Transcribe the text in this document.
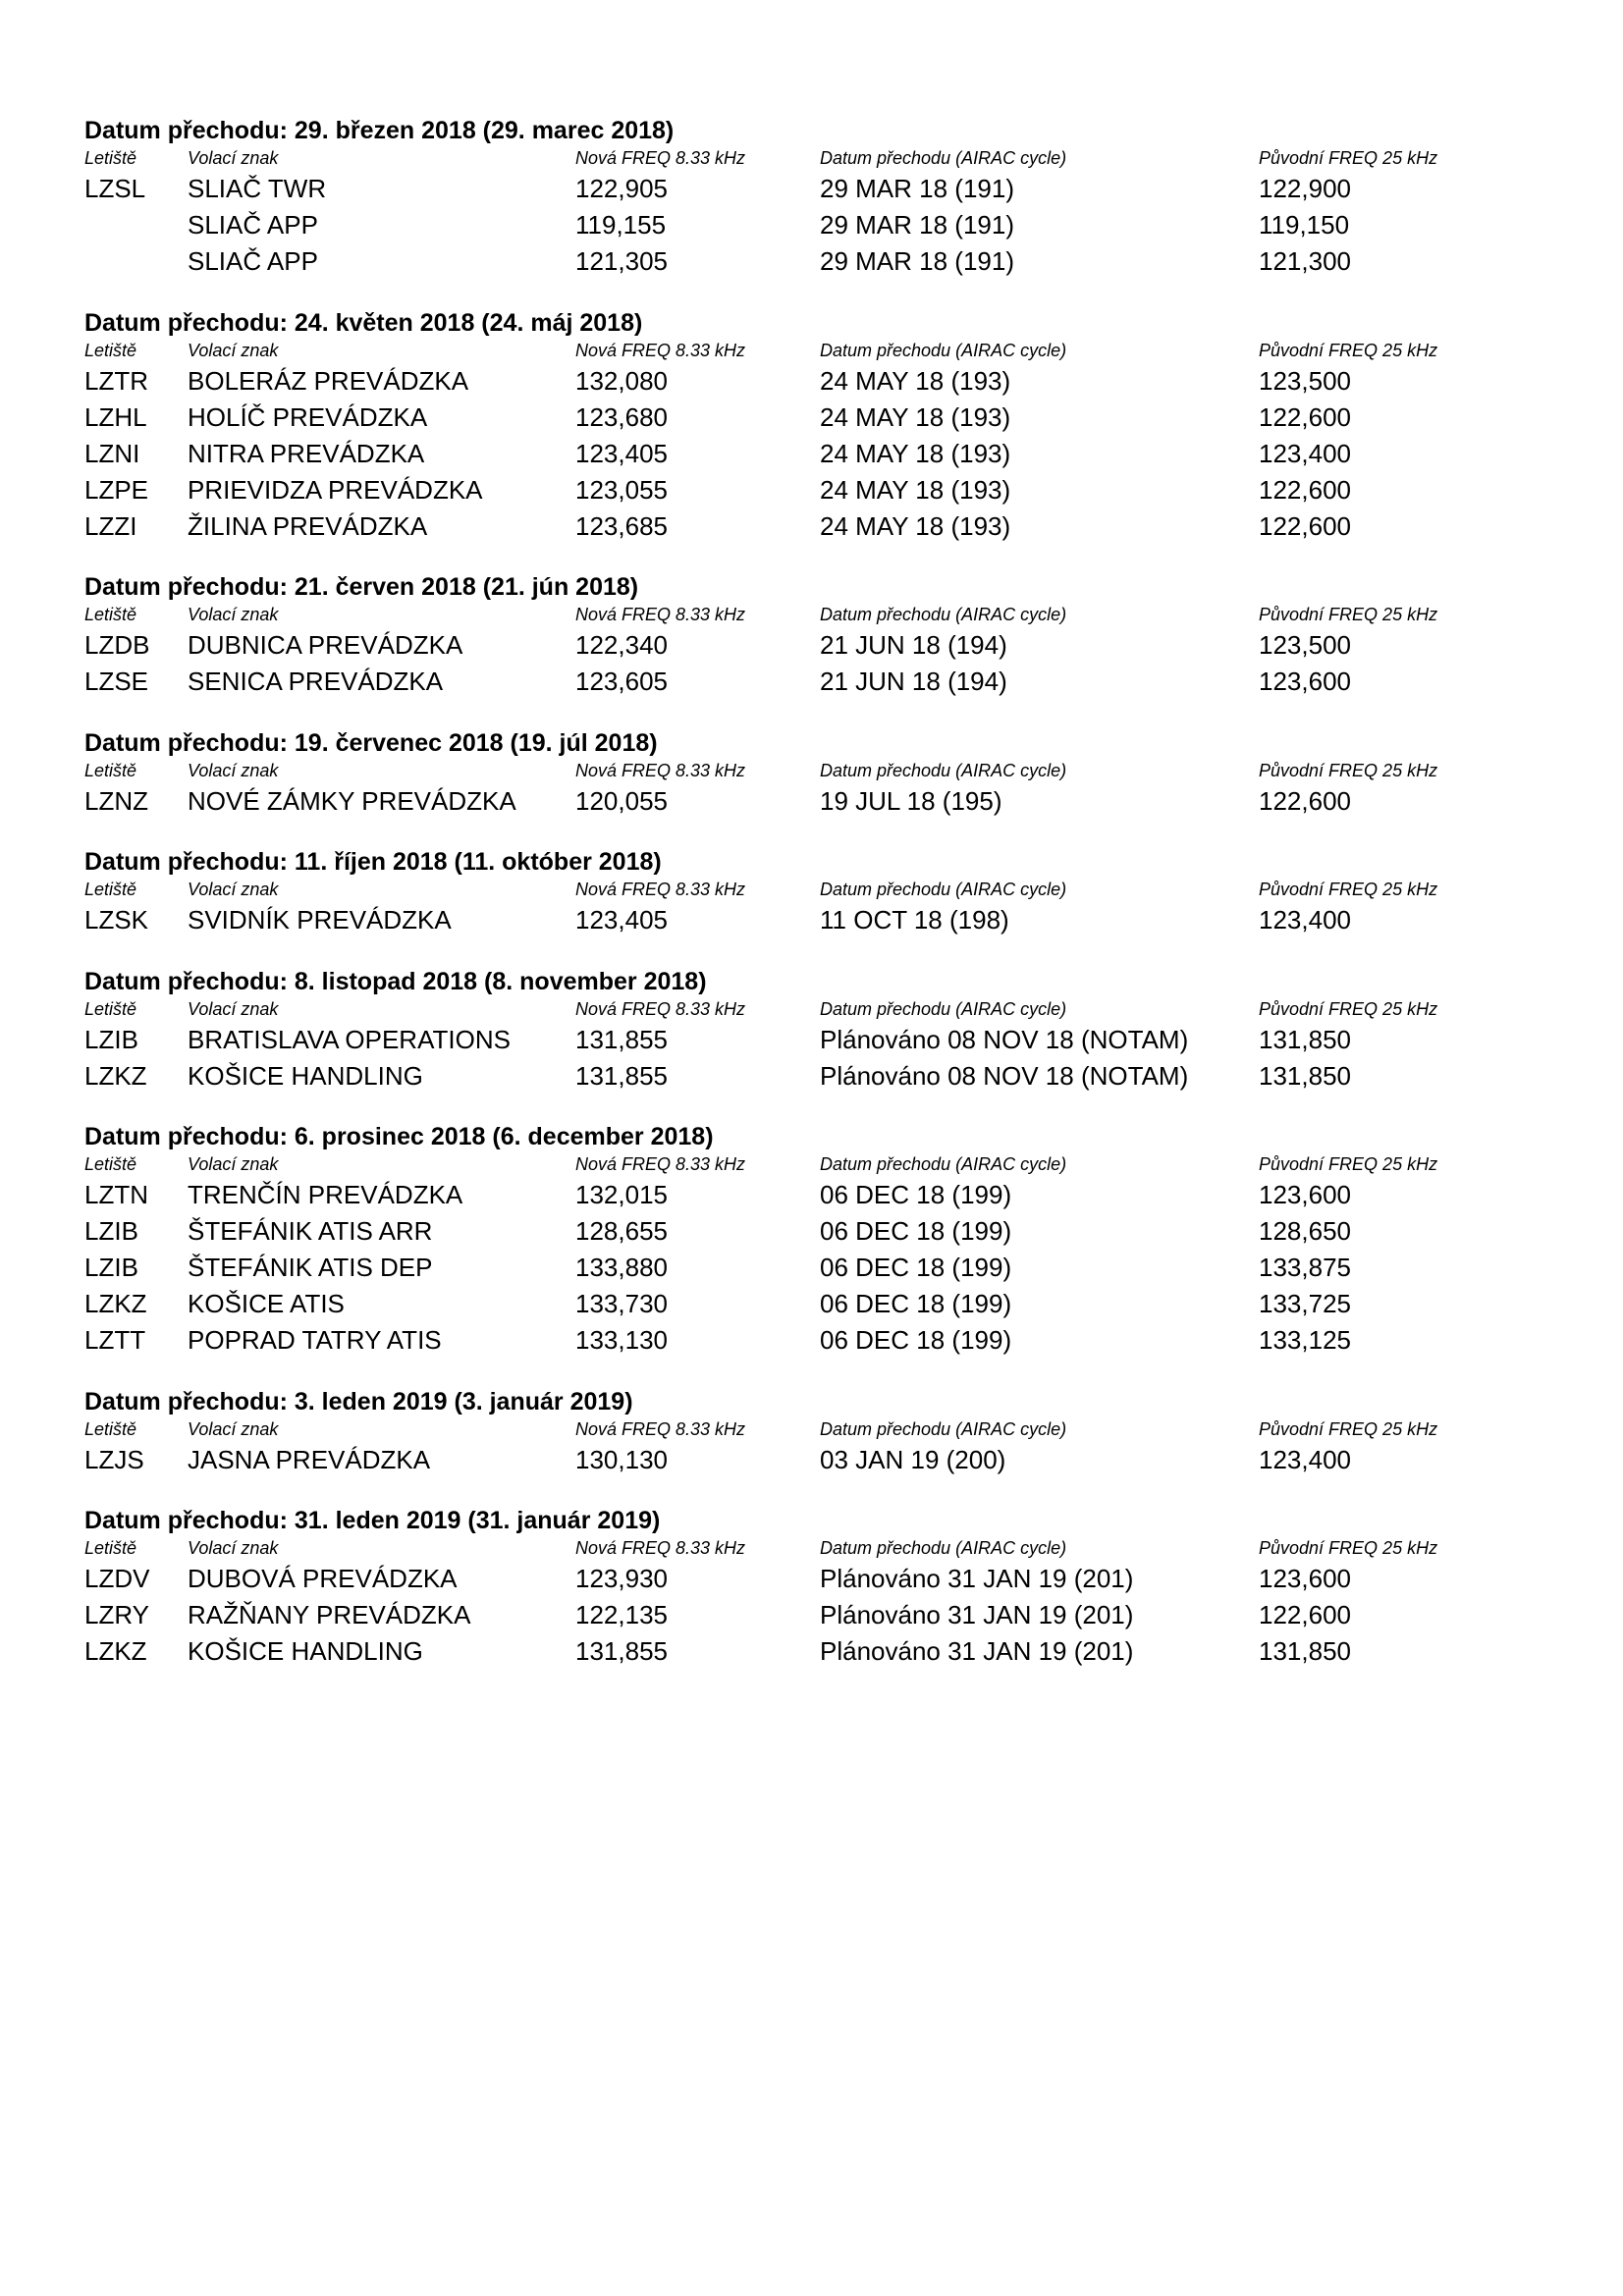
Datum přechodu: 29. březen 2018 (29. marec 2018)
Letiště	Volací znak	Nová FREQ 8.33 kHz	Datum přechodu (AIRAC cycle)	Původní FREQ 25 kHz
LZSL SLIAČ TWR	122,905	29 MAR 18 (191)	122,900
SLIAČ APP	119,155	29 MAR 18 (191)	119,150
SLIAČ APP	121,305	29 MAR 18 (191)	121,300
Datum přechodu: 24. květen 2018 (24. máj 2018)
Letiště	Volací znak	Nová FREQ 8.33 kHz	Datum přechodu (AIRAC cycle)	Původní FREQ 25 kHz
LZTR BOLERÁZ PREVÁDZKA	132,080	24 MAY 18 (193)	123,500
LZHL HOLÍČ PREVÁDZKA	123,680	24 MAY 18 (193)	122,600
LZNI NITRA PREVÁDZKA	123,405	24 MAY 18 (193)	123,400
LZPE PRIEVIDZA PREVÁDZKA	123,055	24 MAY 18 (193)	122,600
LZZI ŽILINA PREVÁDZKA	123,685	24 MAY 18 (193)	122,600
Datum přechodu: 21. červen 2018 (21. jún 2018)
Letiště	Volací znak	Nová FREQ 8.33 kHz	Datum přechodu (AIRAC cycle)	Původní FREQ 25 kHz
LZDB DUBNICA PREVÁDZKA	122,340	21 JUN 18 (194)	123,500
LZSE SENICA PREVÁDZKA	123,605	21 JUN 18 (194)	123,600
Datum přechodu: 19. červenec 2018 (19. júl 2018)
Letiště	Volací znak	Nová FREQ 8.33 kHz	Datum přechodu (AIRAC cycle)	Původní FREQ 25 kHz
LZNZ NOVÉ ZÁMKY PREVÁDZKA 120,055	19 JUL 18 (195)	122,600
Datum přechodu: 11. říjen 2018 (11. október 2018)
Letiště	Volací znak	Nová FREQ 8.33 kHz	Datum přechodu (AIRAC cycle)	Původní FREQ 25 kHz
LZSK SVIDNÍK PREVÁDZKA	123,405	11 OCT 18 (198)	123,400
Datum přechodu: 8. listopad 2018 (8. november 2018)
Letiště	Volací znak	Nová FREQ 8.33 kHz	Datum přechodu (AIRAC cycle)	Původní FREQ 25 kHz
LZIB BRATISLAVA OPERATIONS	131,855	Plánováno 08 NOV 18 (NOTAM)	131,850
LZKZ KOŠICE HANDLING	131,855	Plánováno 08 NOV 18 (NOTAM)	131,850
Datum přechodu: 6. prosinec 2018 (6. december 2018)
Letiště	Volací znak	Nová FREQ 8.33 kHz	Datum přechodu (AIRAC cycle)	Původní FREQ 25 kHz
LZTN TRENČÍN PREVÁDZKA	132,015	06 DEC 18 (199)	123,600
LZIB ŠTEFÁNIK ATIS ARR	128,655	06 DEC 18 (199)	128,650
LZIB ŠTEFÁNIK ATIS DEP	133,880	06 DEC 18 (199)	133,875
LZKZ KOŠICE ATIS	133,730	06 DEC 18 (199)	133,725
LZTT POPRAD TATRY ATIS	133,130	06 DEC 18 (199)	133,125
Datum přechodu: 3. leden 2019 (3. január 2019)
Letiště	Volací znak	Nová FREQ 8.33 kHz	Datum přechodu (AIRAC cycle)	Původní FREQ 25 kHz
LZJS JASNA PREVÁDZKA	130,130	03 JAN 19 (200)	123,400
Datum přechodu: 31. leden 2019 (31. január 2019)
Letiště	Volací znak	Nová FREQ 8.33 kHz	Datum přechodu (AIRAC cycle)	Původní FREQ 25 kHz
LZDV DUBOVÁ PREVÁDZKA	123,930	Plánováno 31 JAN 19 (201)	123,600
LZRY RAŽŇANY PREVÁDZKA	122,135	Plánováno 31 JAN 19 (201)	122,600
LZKZ KOŠICE HANDLING	131,855	Plánováno 31 JAN 19 (201)	131,850
